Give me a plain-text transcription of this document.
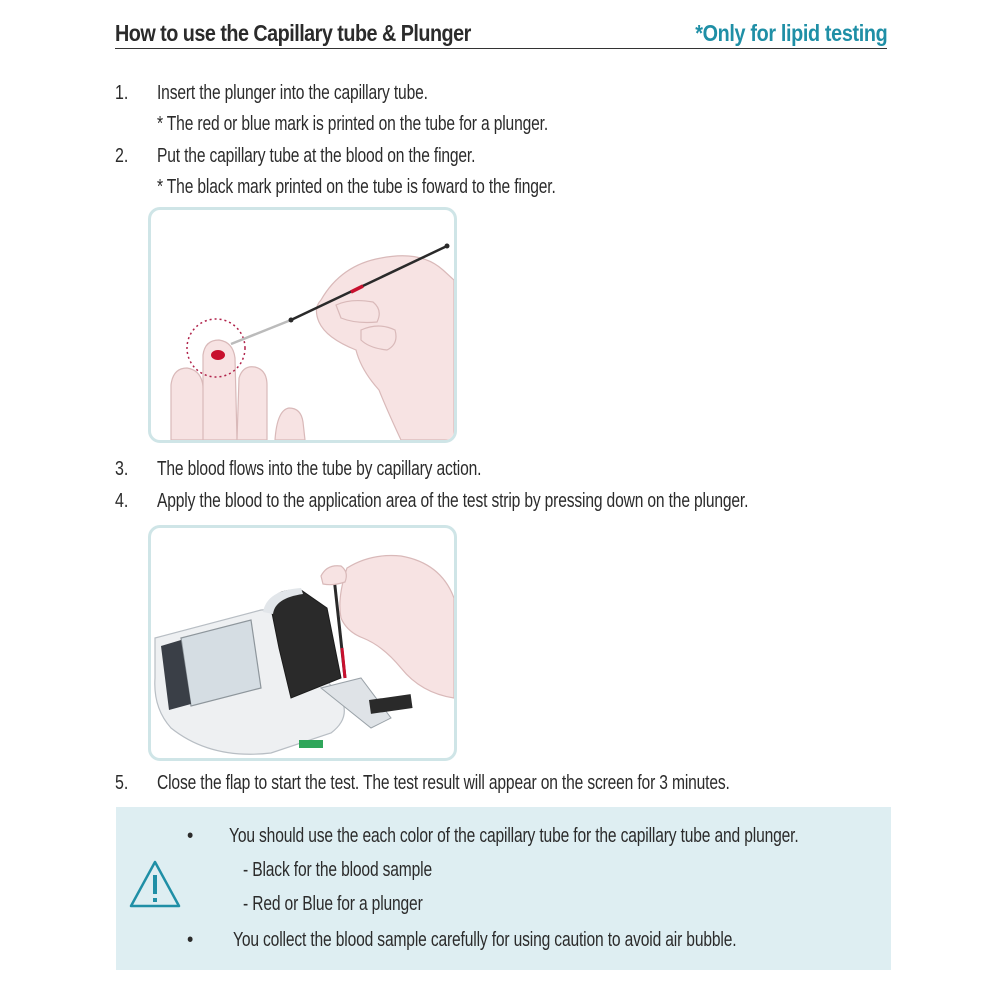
How to use the Capillary tube & Plunger	*Only for lipid testing
1. Insert the plunger into the capillary tube.
* The red or blue mark is printed on the tube for a plunger.
2. Put the capillary tube at the blood on the finger.
* The black mark printed on the tube is foward to the finger.
3. The blood flows into the tube by capillary action.
4. Apply the blood to the application area of the test strip by pressing down on the plunger.
5. Close the flap to start the test. The test result will appear on the screen for 3 minutes.
• You should use the each color of the capillary tube for the capillary tube and plunger.
- Black for the blood sample
- Red or Blue for a plunger
• You collect the blood sample carefully for using caution to avoid air bubble.
